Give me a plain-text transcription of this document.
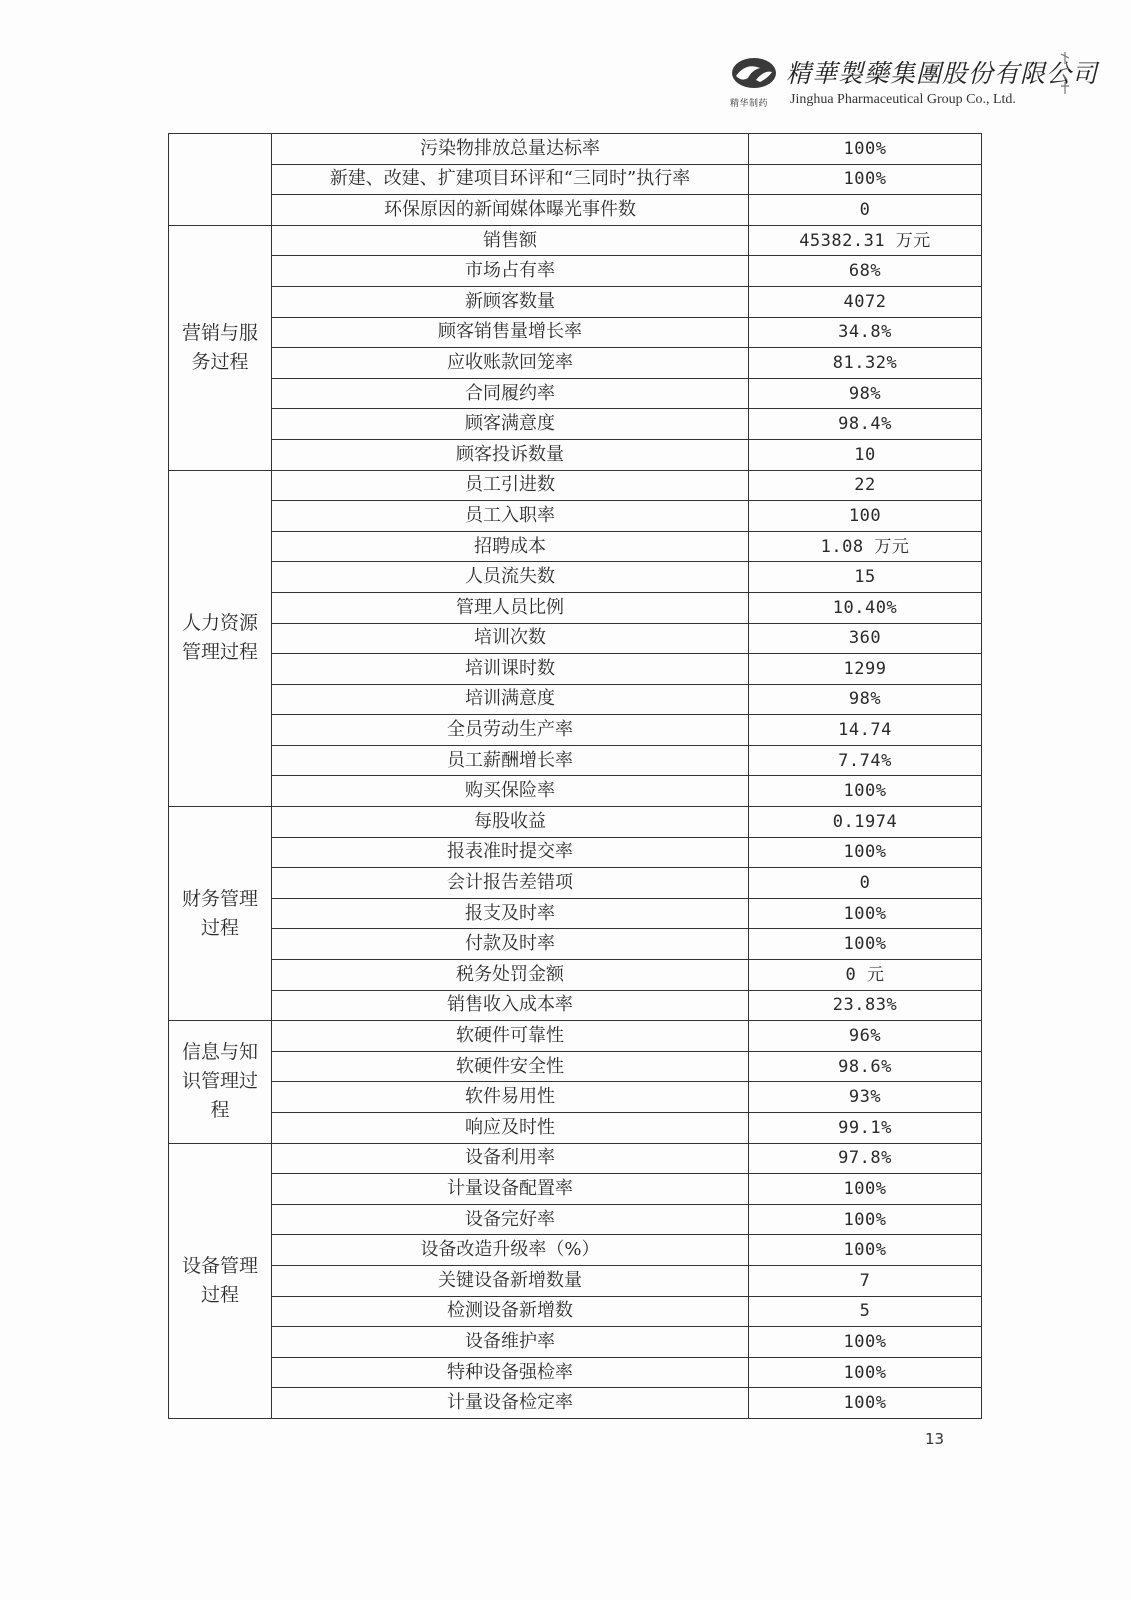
精华制药
精華製藥集團股份有限公司
Jinghua Pharmaceutical Group Co., Ltd.
	污染物排放总量达标率	100%
	新建、改建、扩建项目环评和“三同时”执行率	100%
	环保原因的新闻媒体曝光事件数	0
营销与服
务过程	销售额	45382.31 万元
	市场占有率	68%
	新顾客数量	4072
	顾客销售量增长率	34.8%
	应收账款回笼率	81.32%
	合同履约率	98%
	顾客满意度	98.4%
	顾客投诉数量	10
人力资源
管理过程	员工引进数	22
	员工入职率	100
	招聘成本	1.08 万元
	人员流失数	15
	管理人员比例	10.40%
	培训次数	360
	培训课时数	1299
	培训满意度	98%
	全员劳动生产率	14.74
	员工薪酬增长率	7.74%
	购买保险率	100%
财务管理
过程	每股收益	0.1974
	报表准时提交率	100%
	会计报告差错项	0
	报支及时率	100%
	付款及时率	100%
	税务处罚金额	0 元
	销售收入成本率	23.83%
信息与知
识管理过
程	软硬件可靠性	96%
	软硬件安全性	98.6%
	软件易用性	93%
	响应及时性	99.1%
设备管理
过程	设备利用率	97.8%
	计量设备配置率	100%
	设备完好率	100%
	设备改造升级率（%）	100%
	关键设备新增数量	7
	检测设备新增数	5
	设备维护率	100%
	特种设备强检率	100%
	计量设备检定率	100%
13
